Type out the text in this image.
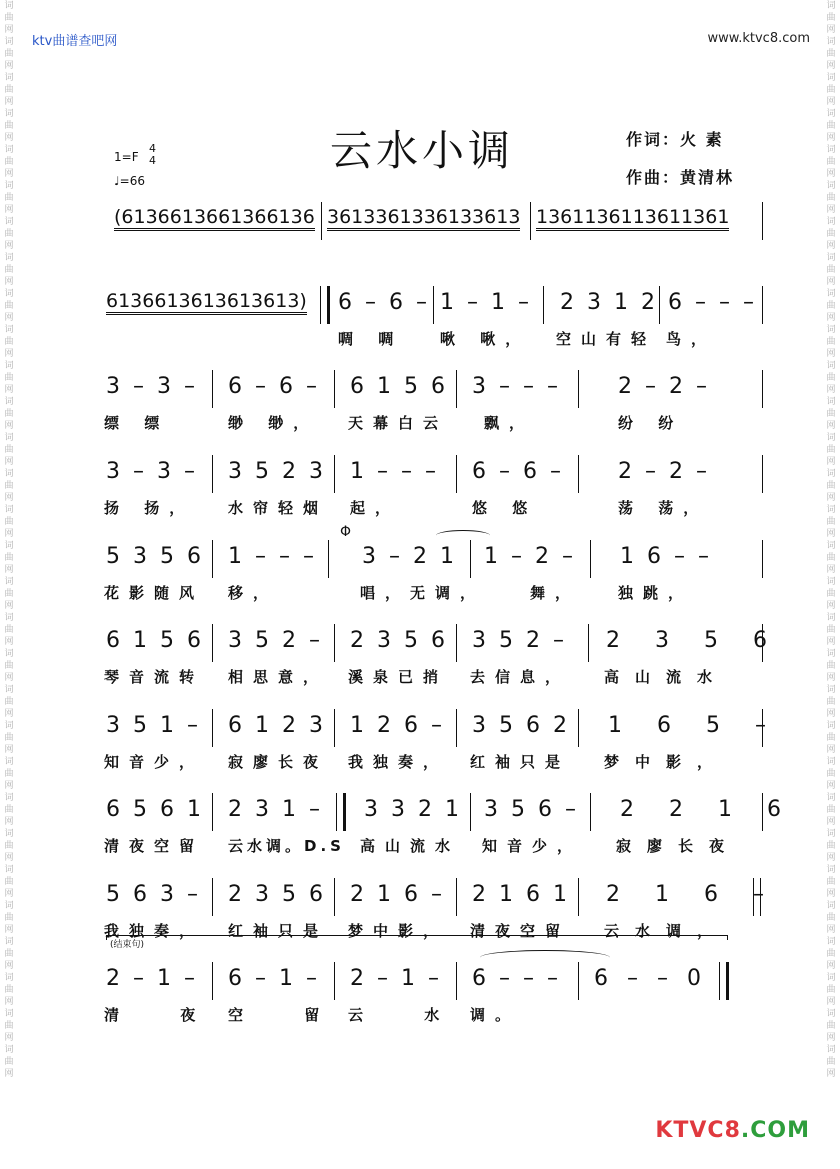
词曲网词曲网词曲网词曲网词曲网词曲网词曲网词曲网词曲网词曲网词曲网词曲网词曲网词曲网词曲网词曲网词曲网词曲网词曲网词曲网词曲网词曲网词曲网词曲网词曲网词曲网词曲网词曲网词曲网词曲网
词曲网词曲网词曲网词曲网词曲网词曲网词曲网词曲网词曲网词曲网词曲网词曲网词曲网词曲网词曲网词曲网词曲网词曲网词曲网词曲网词曲网词曲网词曲网词曲网词曲网词曲网词曲网词曲网词曲网词曲网
ktv曲谱查吧网	www.ktvc8.com
云水小调	作词：火 素
作曲：黄清林
1=F
4
4
♩=66
(6136613661366136 3613361336133613 1361136113611361
6136613613613613) 6 – 6 –
啁 啁
1 – 1 –
啾 啾，
2 3 1 2
空山有轻
6 – – –
鸟，
3 – 3 –
缥 缥
6 – 6 –
缈 缈，
6 1 5 6
天幕白云
3 – – –
飘，
2 – 2 –
纷 纷
3 – 3 –
扬 扬，
3 5 2 3
水帘轻烟
1 – – –
起，
6 – 6 –
悠 悠
2 – 2 –
荡 荡，
5 3 5 6
花影随风
1 – – –
移，
Φ
3 – 2 1
唱，无调，
1 – 2 –
舞，
1 6 – –
独跳，
6 1 5 6
琴音流转
3 5 2 –
相思意，
2 3 5 6
溪泉已捎
3 5 2 –
去信息，
2 3 5 6
高山流水
3 5 1 –
知音少，
6 1 2 3
寂廖长夜
1 2 6 –
我独奏，
3 5 6 2
红袖只是
1 6 5 –
梦中影，
6 5 6 1
清夜空留
2 3 1 –
云水调。D.S
3 3 2 1
高山流水
3 5 6 –
知音少，
2 2 1 6
寂廖长夜
5 6 3 –
我独奏，
2 3 5 6
红袖只是
2 1 6 –
梦中影，
2 1 6 1
清夜空留
2 1 6 –
云水调，
(结束句)
2 – 1 –
清 夜
6 – 1 –
空 留
2 – 1 –
云 水
6 – – –
调。
6 – – 0
KTVC8.COM
